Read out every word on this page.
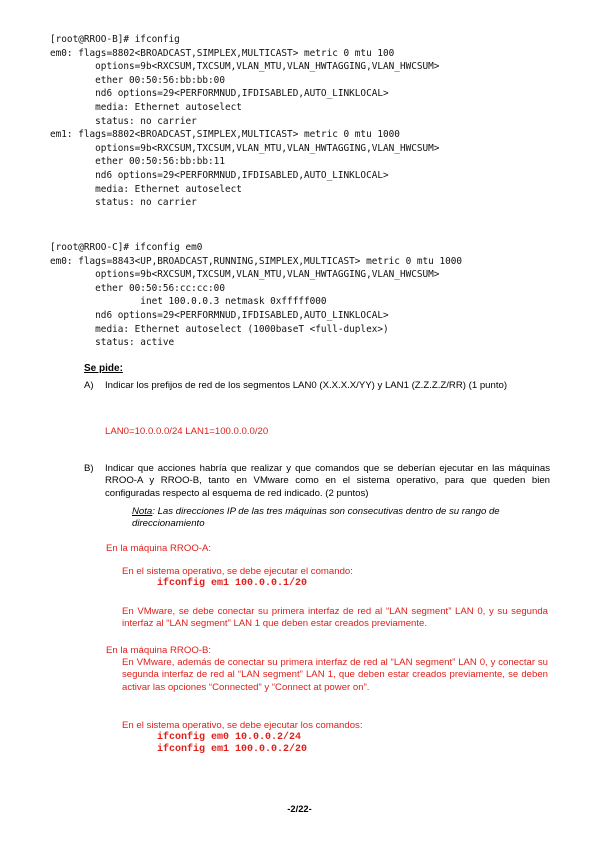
[root@RROO-B]# ifconfig
em0: flags=8802<BROADCAST,SIMPLEX,MULTICAST> metric 0 mtu 100
options=9b<RXCSUM,TXCSUM,VLAN_MTU,VLAN_HWTAGGING,VLAN_HWCSUM>
ether 00:50:56:bb:bb:00
nd6 options=29<PERFORMNUD,IFDISABLED,AUTO_LINKLOCAL>
media: Ethernet autoselect
status: no carrier
em1: flags=8802<BROADCAST,SIMPLEX,MULTICAST> metric 0 mtu 1000
options=9b<RXCSUM,TXCSUM,VLAN_MTU,VLAN_HWTAGGING,VLAN_HWCSUM>
ether 00:50:56:bb:bb:11
nd6 options=29<PERFORMNUD,IFDISABLED,AUTO_LINKLOCAL>
media: Ethernet autoselect
status: no carrier
[root@RROO-C]# ifconfig em0
em0: flags=8843<UP,BROADCAST,RUNNING,SIMPLEX,MULTICAST> metric 0 mtu 1000
options=9b<RXCSUM,TXCSUM,VLAN_MTU,VLAN_HWTAGGING,VLAN_HWCSUM>
ether 00:50:56:cc:cc:00
inet 100.0.0.3 netmask 0xfffff000
nd6 options=29<PERFORMNUD,IFDISABLED,AUTO_LINKLOCAL>
media: Ethernet autoselect (1000baseT <full-duplex>)
status: active
Se pide:
A)	Indicar los prefijos de red de los segmentos LAN0 (X.X.X.X/YY) y LAN1 (Z.Z.Z.Z/RR) (1 punto)
LAN0=10.0.0.0/24 LAN1=100.0.0.0/20
B)	Indicar que acciones habría que realizar y que comandos que se deberían ejecutar en las máquinas RROO-A y RROO-B, tanto en VMware como en el sistema operativo, para que queden bien configuradas respecto al esquema de red indicado. (2 puntos)
Nota: Las direcciones IP de las tres máquinas son consecutivas dentro de su rango de direccionamiento
En la máquina RROO-A:
En el sistema operativo, se debe ejecutar el comando:
ifconfig em1 100.0.0.1/20
En VMware, se debe conectar su primera interfaz de red al “LAN segment” LAN 0, y su segunda interfaz al “LAN segment” LAN 1 que deben estar creados previamente.
En la máquina RROO-B:
En VMware, además de conectar su primera interfaz de red al “LAN segment” LAN 0, y conectar su segunda interfaz de red al “LAN segment” LAN 1, que deben estar creados previamente, se deben activar las opciones “Connected” y “Connect at power on”.
En el sistema operativo, se debe ejecutar los comandos:
ifconfig em0 10.0.0.2/24
ifconfig em1 100.0.0.2/20
-2/22-
